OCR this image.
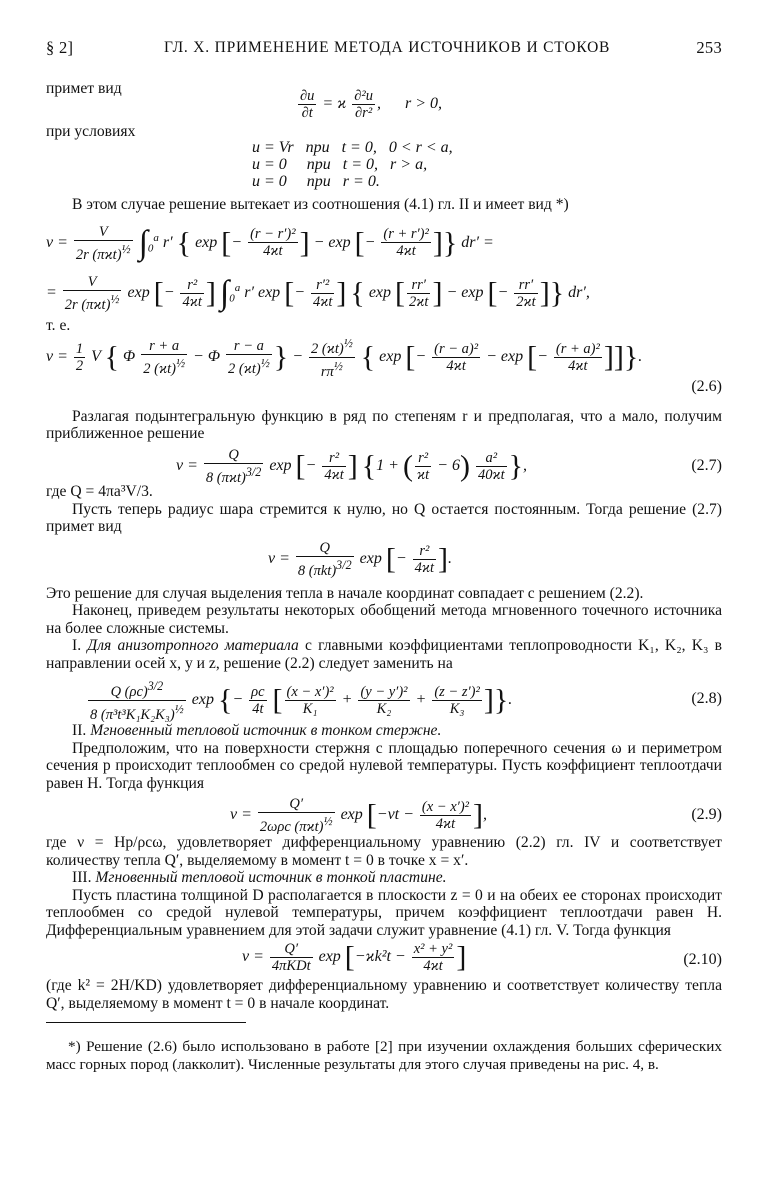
§ 2]	ГЛ. X. ПРИМЕНЕНИЕ МЕТОДА ИСТОЧНИКОВ И СТОКОВ	253
примет вид	$\frac{\partial u}{\partial t} = ϰ \frac{\text{∂²u}}{\text{∂r²}}$ ,      r > 0,
при условиях
u = Vr   при   t = 0,   0 < r < a,
u = 0     при   t = 0,   r > a,
u = 0     при   r = 0.

В этом случае решение вытекает из соотношения (4.1) гл. II и имеет вид *)

$v = \frac{V}{2r (\pi ϰt)^{\frac{1}{2}}} \int_0^a$ r′ { exp [− $\frac{\text{(r − r′)²}}{4ϰt}$ ] − exp [− $\frac{\text{(r + r′)²}}{4ϰt}$ ]} dr′ =
= $\frac{V}{2r (\pi ϰt)^{\frac{1}{2}}}$ exp [− $\frac{\text{r²}}{4ϰt}$ ] $\int_0^a$ r′ exp [− $\frac{\text{r′²}}{4ϰt}$ ] { exp [ $\frac{rr'}{2ϰt}$ ] − exp [− $\frac{rr'}{2ϰt}$ ]} dr′,
т. е.
$v = \frac{1}{2}$ V { Φ $\frac{r + a}{2 (ϰt)^{\frac{1}{2}}} - \Phi \frac{r - a}{2 (ϰt)^{\frac{1}{2}}}$ } − $\frac{2 (ϰt)^{\frac{1}{2}}}{r\pi^{\frac{1}{2}}}$ { exp [− $\frac{\text{(r − a)²}}{4ϰt} - \exp$ [− $\frac{\text{(r + a)²}}{4ϰt}$ ]]}.
(2.6)

Разлагая подынтегральную функцию в ряд по степеням r и предполагая, что a мало, получим приближенное решение

$v = \frac{Q}{8 (\pi ϰt)^{3/2}}$ exp [− $\frac{\text{r²}}{4ϰt}$ ] {1 + ( $\frac{\text{r²}}{ϰt} - 6) \frac{\text{a²}}{40ϰt}$ },	(2.7)
где Q = 4πa³V/3.

Пусть теперь радиус шара стремится к нулю, но Q остается постоянным. Тогда решение (2.7) примет вид

$v = \frac{Q}{8 (\pi kt)^{3/2}}$ exp [− $\frac{\text{r²}}{4ϰt}$ ].

Это решение для случая выделения тепла в начале координат совпадает с решением (2.2).

Наконец, приведем результаты некоторых обобщений метода мгновенного точечного источника на более сложные системы.

I. Для анизотропного материала с главными коэффициентами теплопроводности K₁, K₂, K₃ в направлении осей x, y и z, решение (2.2) следует заменить на

$\frac{Q (\rho c)^{3/2}}{8 (\pi^3t^3K_1K_2K_3)^{\frac{1}{2}}}$ exp {− $\frac{\rho c}{4t}$ [ $\frac{\text{(x − x′)²}}{\text{K₁}} + \frac{\text{(y − y′)²}}{\text{K₂}} + \frac{\text{(z − z′)²}}{\text{K₃}}$ ]}.	(2.8)

II. Мгновенный тепловой источник в тонком стержне.

Предположим, что на поверхности стержня с площадью поперечного сечения ω и периметром сечения p происходит теплообмен со средой нулевой температуры. Пусть коэффициент теплоотдачи равен H. Тогда функция

$v = \frac{Q'}{2\omega\rho c (\pi ϰt)^{\frac{1}{2}}}$ $\exp [-\nu t - \frac{\text{(x − x′)²}}{4ϰt}$ ],	(2.9)

где ν = Hp/ρcω, удовлетворяет дифференциальному уравнению (2.2) гл. IV и соответствует количеству тепла Q′, выделяемому в момент t = 0 в точке x = x′.

III. Мгновенный тепловой источник в тонкой пластине.

Пусть пластина толщиной D располагается в плоскости z = 0 и на обеих ее сторонах происходит теплообмен со средой нулевой температуры, причем коэффициент теплоотдачи равен H. Дифференциальным уравнением для этой задачи служит уравнение (4.1) гл. V. Тогда функция

$v = \frac{Q'}{\text{4πKDt}}$ $\exp [-ϰk^2t - \frac{\text{x² + y²}}{4ϰt}$ ]	(2.10)

(где k² = 2H/KD) удовлетворяет дифференциальному уравнению и соответствует количеству тепла Q′, выделяемому в момент t = 0 в начале координат.

*) Решение (2.6) было использовано в работе [2] при изучении охлаждения больших сферических масс горных пород (лакколит). Численные результаты для этого случая приведены на рис. 4, в.
